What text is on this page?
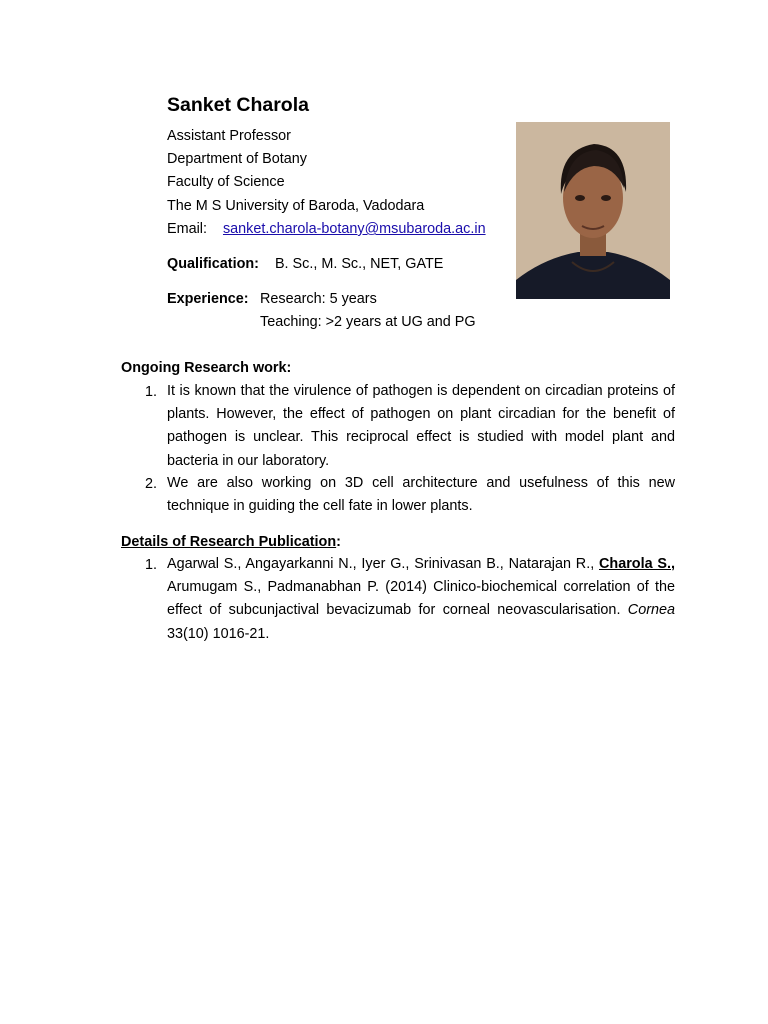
Sanket Charola
Assistant Professor
Department of Botany
Faculty of Science
The M S University of Baroda, Vadodara
Email: sanket.charola-botany@msubaroda.ac.in
Qualification: B. Sc., M. Sc., NET, GATE
Experience: Research: 5 years
Teaching: >2 years at UG and PG
Ongoing Research work:
1. It is known that the virulence of pathogen is dependent on circadian proteins of plants. However, the effect of pathogen on plant circadian for the benefit of pathogen is unclear. This reciprocal effect is studied with model plant and bacteria in our laboratory.
2. We are also working on 3D cell architecture and usefulness of this new technique in guiding the cell fate in lower plants.
Details of Research Publication:
1. Agarwal S., Angayarkanni N., Iyer G., Srinivasan B., Natarajan R., Charola S., Arumugam S., Padmanabhan P. (2014) Clinico-biochemical correlation of the effect of subcunjactival bevacizumab for corneal neovascularisation. Cornea 33(10) 1016-21.
